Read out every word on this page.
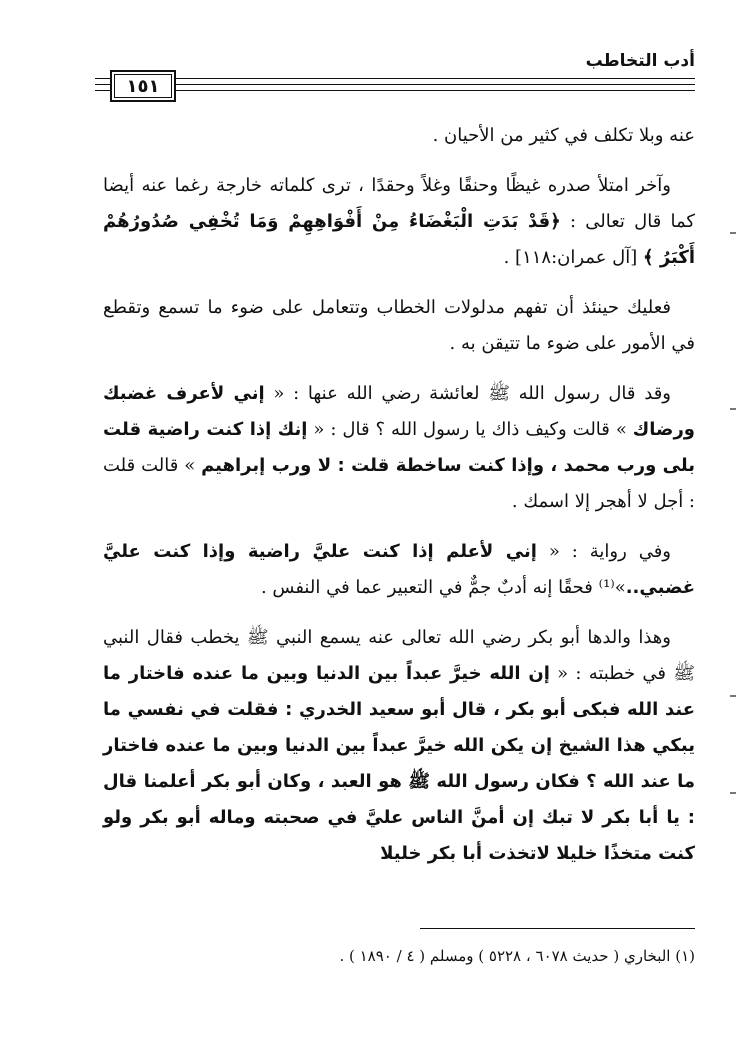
أدب التخاطب
١٥١

عنه وبلا تكلف في كثير من الأحيان .

وآخر امتلأ صدره غيظًا وحنقًا وغلاً وحقدًا ، ترى كلماته خارجة رغما عنه أيضا كما قال تعالى : ﴿قَدْ بَدَتِ الْبَغْضَاءُ مِنْ أَفْوَاهِهِمْ وَمَا تُخْفِي صُدُورُهُمْ أَكْبَرُ ﴾ [آل عمران:١١٨] .

فعليك حينئذ أن تفهم مدلولات الخطاب وتتعامل على ضوء ما تسمع وتقطع في الأمور على ضوء ما تتيقن به .

وقد قال رسول الله ﷺ لعائشة رضي الله عنها : « إني لأعرف غضبك ورضاك » قالت وكيف ذاك يا رسول الله ؟ قال : « إنك إذا كنت راضية قلت بلى ورب محمد ، وإذا كنت ساخطة قلت : لا ورب إبراهيم » قالت قلت : أجل لا أهجر إلا اسمك .

وفي رواية : « إني لأعلم إذا كنت عليَّ راضية وإذا كنت عليَّ غضبي..»⁽¹⁾ فحقًا إنه أدبٌ جمٌّ في التعبير عما في النفس .

وهذا والدها أبو بكر رضي الله تعالى عنه يسمع النبي ﷺ يخطب فقال النبي ﷺ في خطبته : « إن الله خيرَّ عبداً بين الدنيا وبين ما عنده فاختار ما عند الله فبكى أبو بكر ، قال أبو سعيد الخدري : فقلت في نفسي ما يبكي هذا الشيخ إن يكن الله خيرَّ عبداً بين الدنيا وبين ما عنده فاختار ما عند الله ؟ فكان رسول الله ﷺ هو العبد ، وكان أبو بكر أعلمنا قال : يا أبا بكر لا تبك إن أمنَّ الناس عليَّ في صحبته وماله أبو بكر ولو كنت متخذًا خليلا لاتخذت أبا بكر خليلا

(١) البخاري ( حديث ٦٠٧٨ ، ٥٢٢٨ ) ومسلم ( ٤ / ١٨٩٠ ) .
